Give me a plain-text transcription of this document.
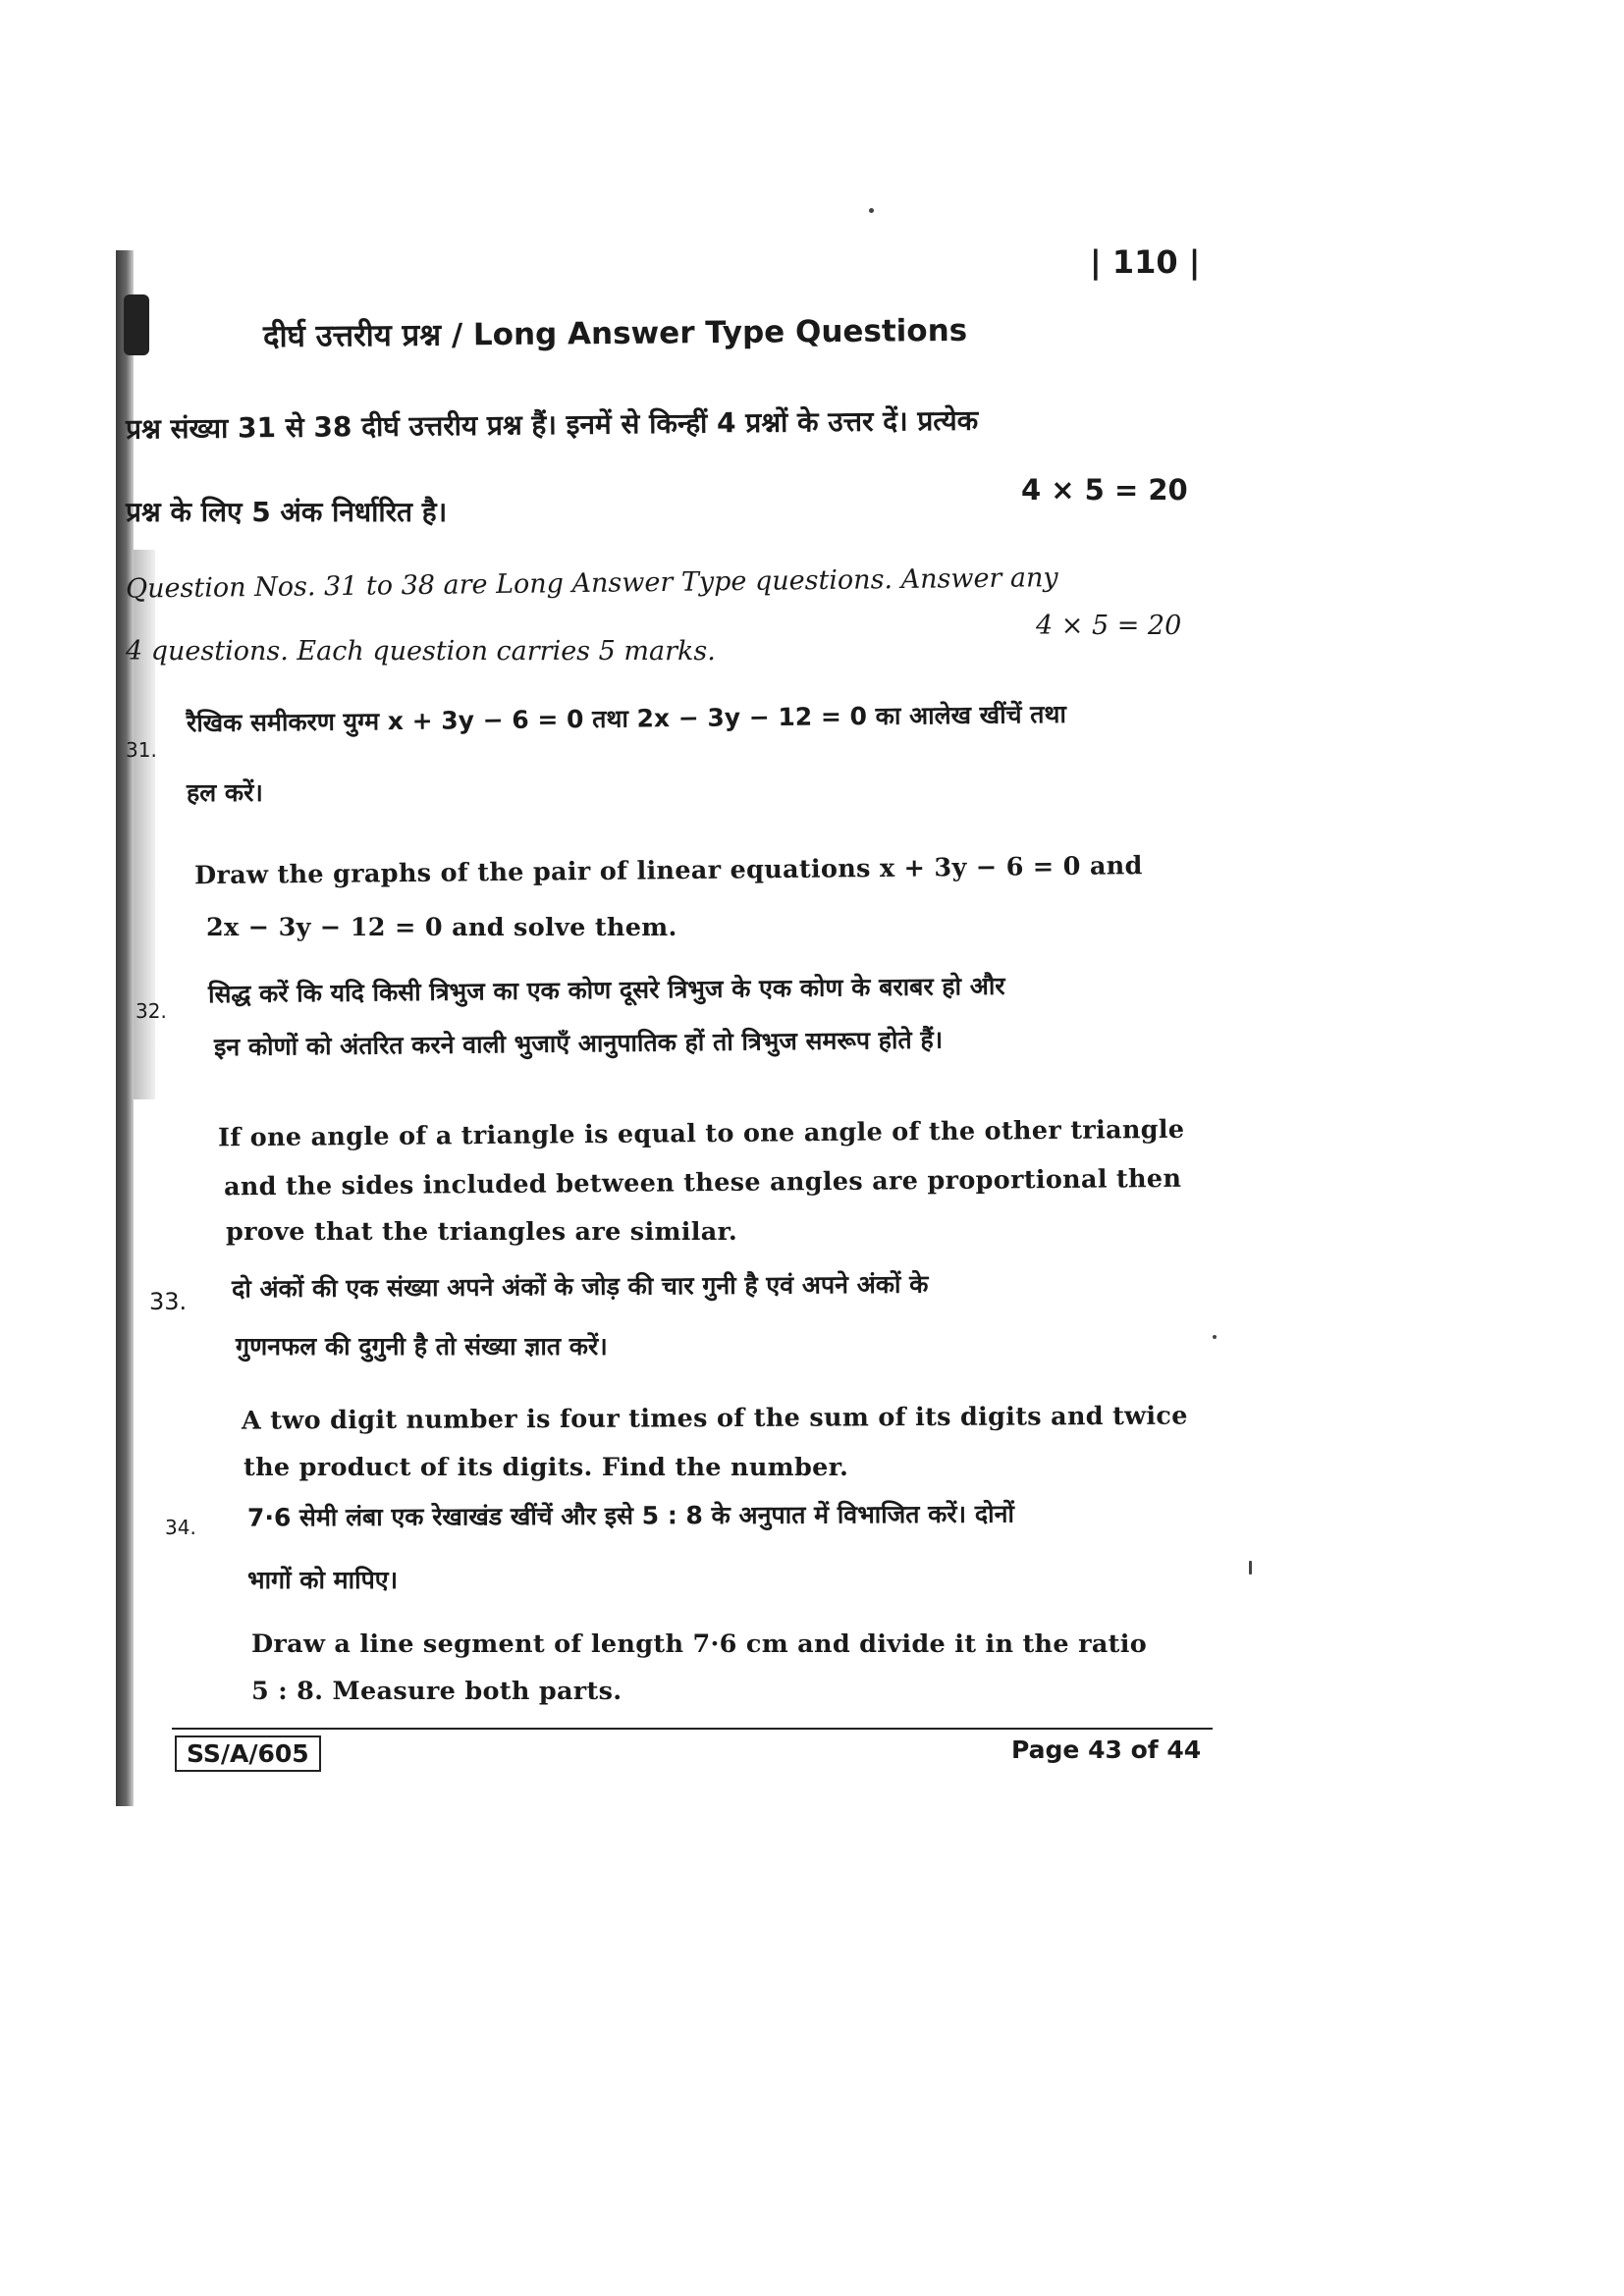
| 110 |
दीर्घ उत्तरीय प्रश्न / Long Answer Type Questions
प्रश्न संख्या 31 से 38 दीर्घ उत्तरीय प्रश्न हैं। इनमें से किन्हीं 4 प्रश्नों के उत्तर दें। प्रत्येक
प्रश्न के लिए 5 अंक निर्धारित है।
4 × 5 = 20
Question Nos. 31 to 38 are Long Answer Type questions. Answer any
4 questions. Each question carries 5 marks.
4 × 5 = 20
31.
रैखिक समीकरण युग्म x + 3y − 6 = 0 तथा 2x − 3y − 12 = 0 का आलेख खींचें तथा
हल करें।
Draw the graphs of the pair of linear equations x + 3y − 6 = 0 and
2x − 3y − 12 = 0 and solve them.
32.
सिद्ध करें कि यदि किसी त्रिभुज का एक कोण दूसरे त्रिभुज के एक कोण के बराबर हो और
इन कोणों को अंतरित करने वाली भुजाएँ आनुपातिक हों तो त्रिभुज समरूप होते हैं।
If one angle of a triangle is equal to one angle of the other triangle
and the sides included between these angles are proportional then
prove that the triangles are similar.
33. दो अंकों की एक संख्या अपने अंकों के जोड़ की चार गुनी है एवं अपने अंकों के
गुणनफल की दुगुनी है तो संख्या ज्ञात करें।
A two digit number is four times of the sum of its digits and twice
the product of its digits. Find the number.
34. 7·6 सेमी लंबा एक रेखाखंड खींचें और इसे 5 : 8 के अनुपात में विभाजित करें। दोनों
भागों को मापिए।
Draw a line segment of length 7·6 cm and divide it in the ratio
5 : 8. Measure both parts.
SS/A/605	Page 43 of 44
